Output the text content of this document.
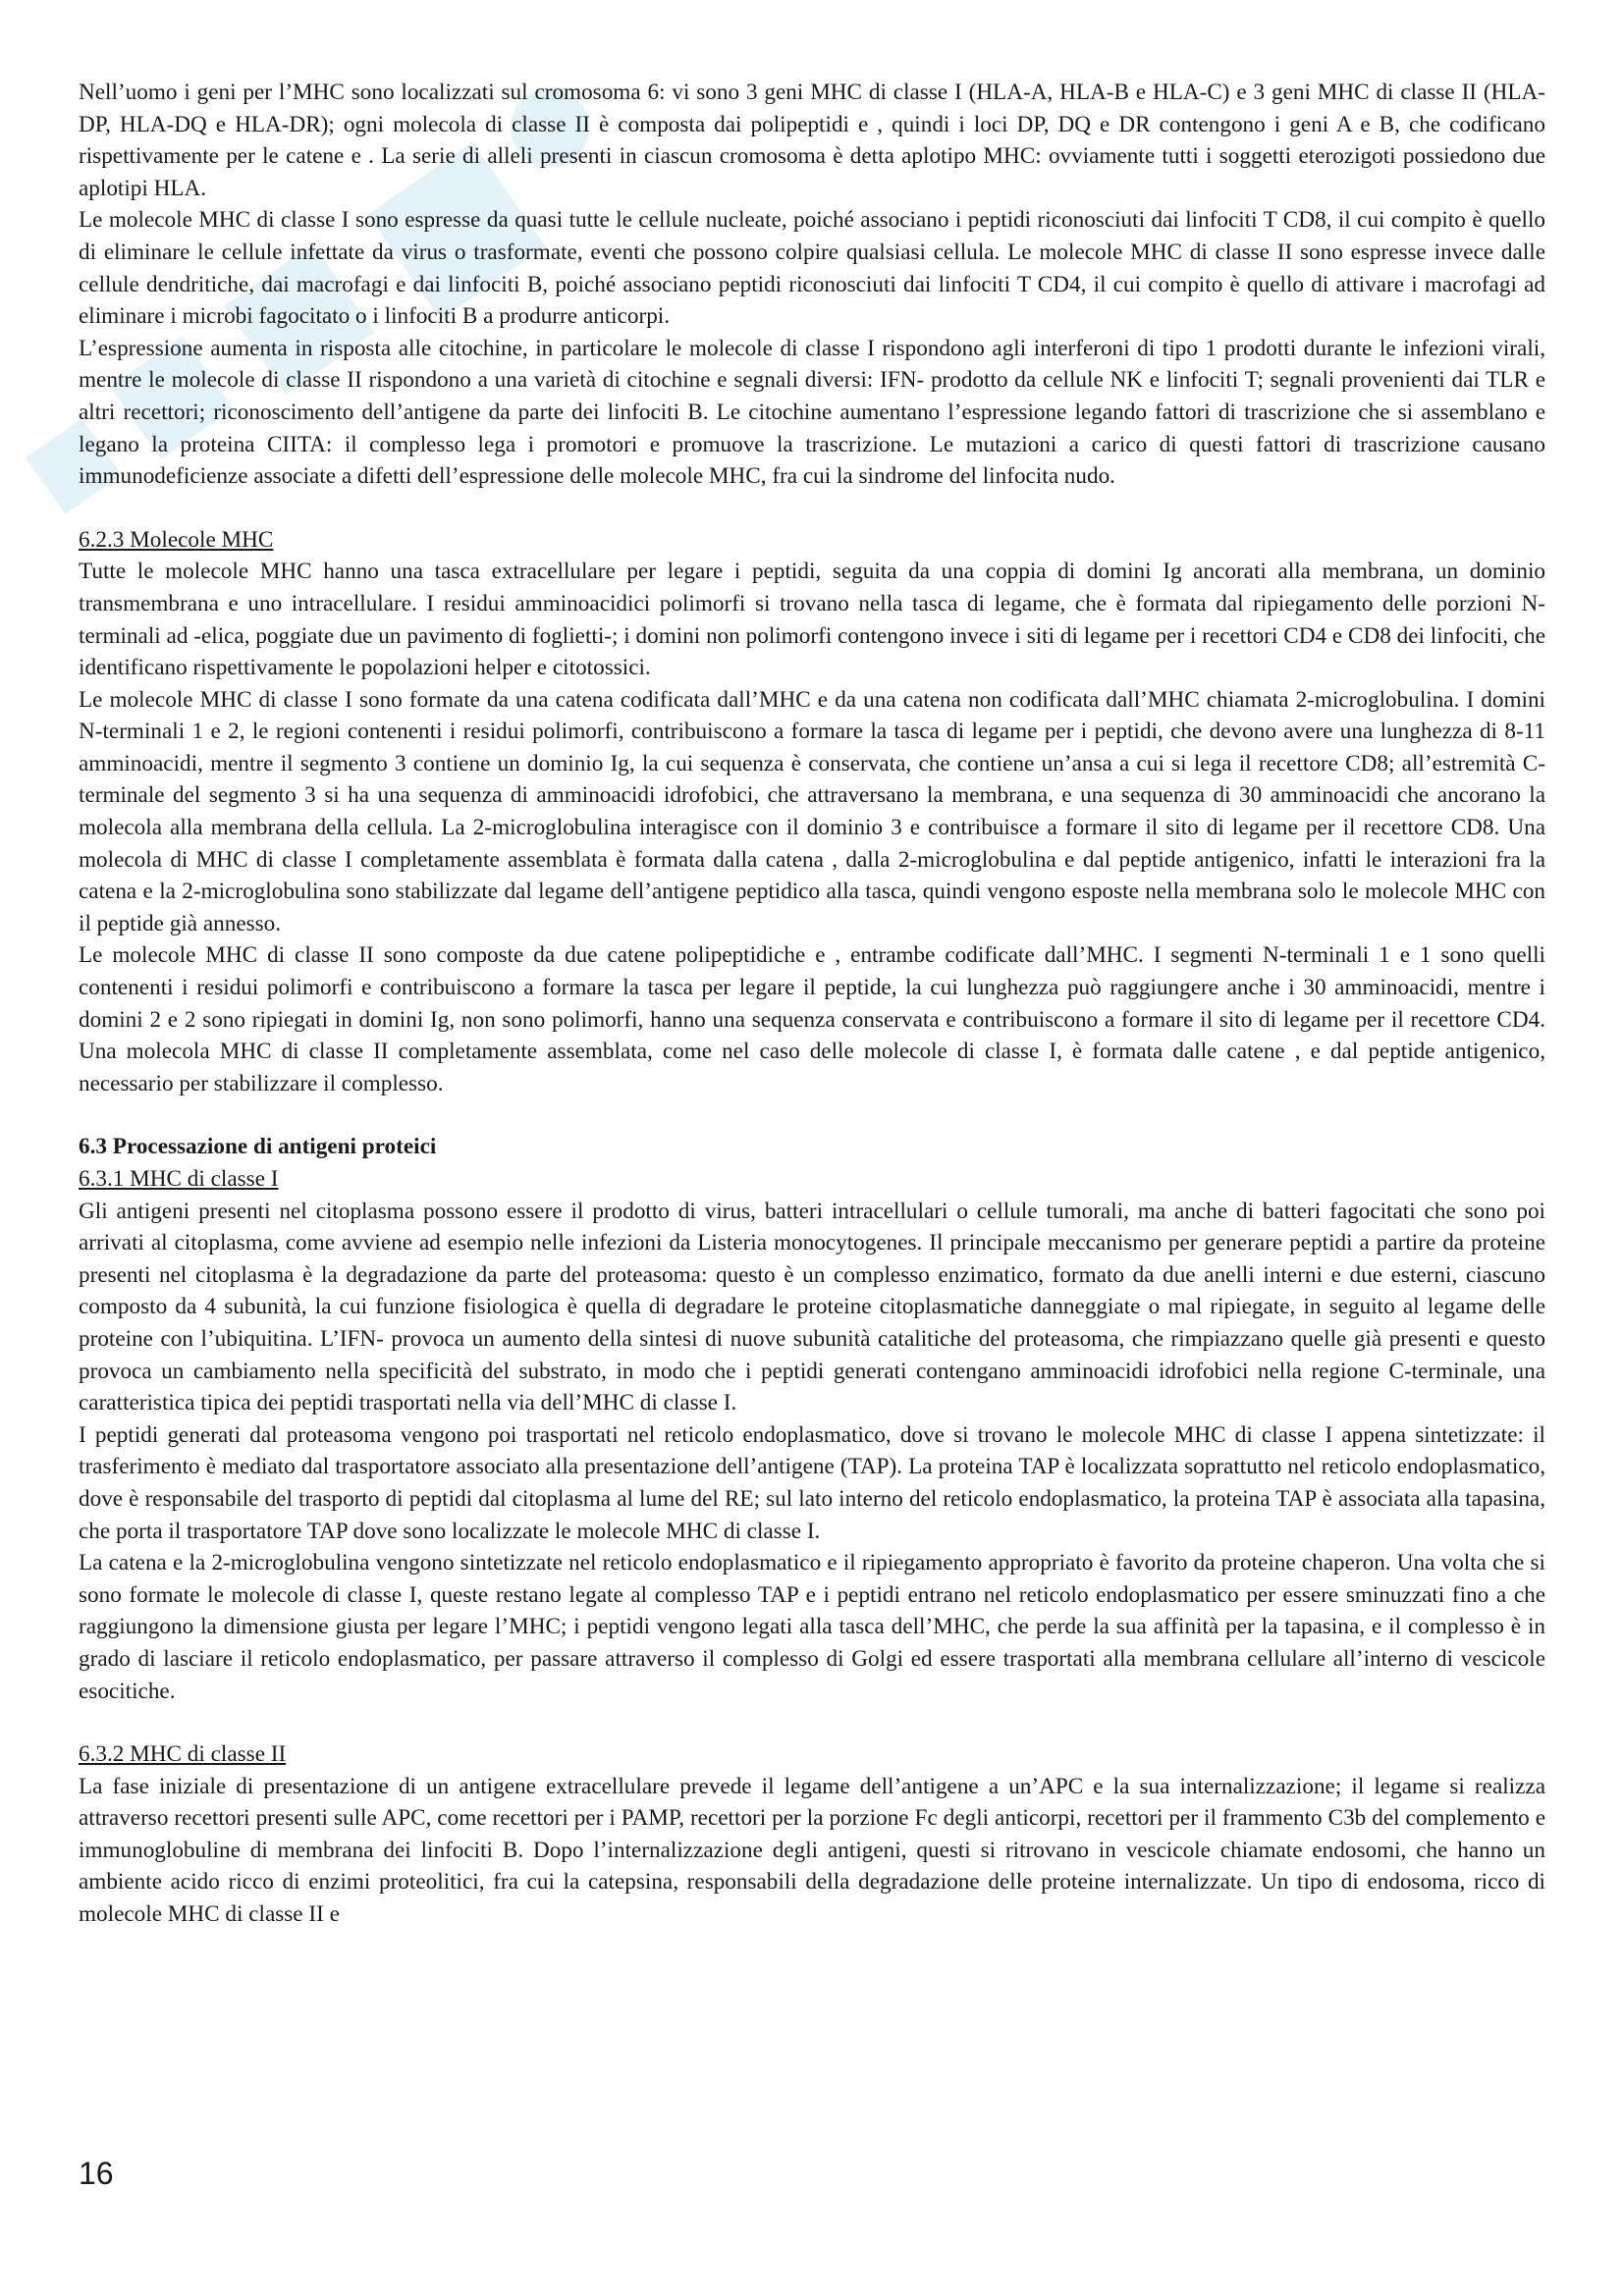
Nell’uomo i geni per l’MHC sono localizzati sul cromosoma 6: vi sono 3 geni MHC di classe I (HLA-A, HLA-B e HLA-C) e 3 geni MHC di classe II (HLA-DP, HLA-DQ e HLA-DR); ogni molecola di classe II è composta dai polipeptidi e , quindi i loci DP, DQ e DR contengono i geni A e B, che codificano rispettivamente per le catene e . La serie di alleli presenti in ciascun cromosoma è detta aplotipo MHC: ovviamente tutti i soggetti eterozigoti possiedono due aplotipi HLA.

Le molecole MHC di classe I sono espresse da quasi tutte le cellule nucleate, poiché associano i peptidi riconosciuti dai linfociti T CD8, il cui compito è quello di eliminare le cellule infettate da virus o trasformate, eventi che possono colpire qualsiasi cellula. Le molecole MHC di classe II sono espresse invece dalle cellule dendritiche, dai macrofagi e dai linfociti B, poiché associano peptidi riconosciuti dai linfociti T CD4, il cui compito è quello di attivare i macrofagi ad eliminare i microbi fagocitato o i linfociti B a produrre anticorpi.

L’espressione aumenta in risposta alle citochine, in particolare le molecole di classe I rispondono agli interferoni di tipo 1 prodotti durante le infezioni virali, mentre le molecole di classe II rispondono a una varietà di citochine e segnali diversi: IFN- prodotto da cellule NK e linfociti T; segnali provenienti dai TLR e altri recettori; riconoscimento dell’antigene da parte dei linfociti B. Le citochine aumentano l’espressione legando fattori di trascrizione che si assemblano e legano la proteina CIITA: il complesso lega i promotori e promuove la trascrizione. Le mutazioni a carico di questi fattori di trascrizione causano immunodeficienze associate a difetti dell’espressione delle molecole MHC, fra cui la sindrome del linfocita nudo.

6.2.3 Molecole MHC

Tutte le molecole MHC hanno una tasca extracellulare per legare i peptidi, seguita da una coppia di domini Ig ancorati alla membrana, un dominio transmembrana e uno intracellulare. I residui amminoacidici polimorfi si trovano nella tasca di legame, che è formata dal ripiegamento delle porzioni N-terminali ad -elica, poggiate due un pavimento di foglietti-; i domini non polimorfi contengono invece i siti di legame per i recettori CD4 e CD8 dei linfociti, che identificano rispettivamente le popolazioni helper e citotossici.

Le molecole MHC di classe I sono formate da una catena codificata dall’MHC e da una catena non codificata dall’MHC chiamata 2-microglobulina. I domini N-terminali 1 e 2, le regioni contenenti i residui polimorfi, contribuiscono a formare la tasca di legame per i peptidi, che devono avere una lunghezza di 8-11 amminoacidi, mentre il segmento 3 contiene un dominio Ig, la cui sequenza è conservata, che contiene un’ansa a cui si lega il recettore CD8; all’estremità C-terminale del segmento 3 si ha una sequenza di amminoacidi idrofobici, che attraversano la membrana, e una sequenza di 30 amminoacidi che ancorano la molecola alla membrana della cellula. La 2-microglobulina interagisce con il dominio 3 e contribuisce a formare il sito di legame per il recettore CD8. Una molecola di MHC di classe I completamente assemblata è formata dalla catena , dalla 2-microglobulina e dal peptide antigenico, infatti le interazioni fra la catena e la 2-microglobulina sono stabilizzate dal legame dell’antigene peptidico alla tasca, quindi vengono esposte nella membrana solo le molecole MHC con il peptide già annesso.

Le molecole MHC di classe II sono composte da due catene polipeptidiche e , entrambe codificate dall’MHC. I segmenti N-terminali 1 e 1 sono quelli contenenti i residui polimorfi e contribuiscono a formare la tasca per legare il peptide, la cui lunghezza può raggiungere anche i 30 amminoacidi, mentre i domini 2 e 2 sono ripiegati in domini Ig, non sono polimorfi, hanno una sequenza conservata e contribuiscono a formare il sito di legame per il recettore CD4. Una molecola MHC di classe II completamente assemblata, come nel caso delle molecole di classe I, è formata dalle catene , e dal peptide antigenico, necessario per stabilizzare il complesso.

6.3 Processazione di antigeni proteici

6.3.1 MHC di classe I

Gli antigeni presenti nel citoplasma possono essere il prodotto di virus, batteri intracellulari o cellule tumorali, ma anche di batteri fagocitati che sono poi arrivati al citoplasma, come avviene ad esempio nelle infezioni da Listeria monocytogenes. Il principale meccanismo per generare peptidi a partire da proteine presenti nel citoplasma è la degradazione da parte del proteasoma: questo è un complesso enzimatico, formato da due anelli interni e due esterni, ciascuno composto da 4 subunità, la cui funzione fisiologica è quella di degradare le proteine citoplasmatiche danneggiate o mal ripiegate, in seguito al legame delle proteine con l’ubiquitina. L’IFN- provoca un aumento della sintesi di nuove subunità catalitiche del proteasoma, che rimpiazzano quelle già presenti e questo provoca un cambiamento nella specificità del substrato, in modo che i peptidi generati contengano amminoacidi idrofobici nella regione C-terminale, una caratteristica tipica dei peptidi trasportati nella via dell’MHC di classe I.

I peptidi generati dal proteasoma vengono poi trasportati nel reticolo endoplasmatico, dove si trovano le molecole MHC di classe I appena sintetizzate: il trasferimento è mediato dal trasportatore associato alla presentazione dell’antigene (TAP). La proteina TAP è localizzata soprattutto nel reticolo endoplasmatico, dove è responsabile del trasporto di peptidi dal citoplasma al lume del RE; sul lato interno del reticolo endoplasmatico, la proteina TAP è associata alla tapasina, che porta il trasportatore TAP dove sono localizzate le molecole MHC di classe I.

La catena e la 2-microglobulina vengono sintetizzate nel reticolo endoplasmatico e il ripiegamento appropriato è favorito da proteine chaperon. Una volta che si sono formate le molecole di classe I, queste restano legate al complesso TAP e i peptidi entrano nel reticolo endoplasmatico per essere sminuzzati fino a che raggiungono la dimensione giusta per legare l’MHC; i peptidi vengono legati alla tasca dell’MHC, che perde la sua affinità per la tapasina, e il complesso è in grado di lasciare il reticolo endoplasmatico, per passare attraverso il complesso di Golgi ed essere trasportati alla membrana cellulare all’interno di vescicole esocitiche.

6.3.2 MHC di classe II

La fase iniziale di presentazione di un antigene extracellulare prevede il legame dell’antigene a un’APC e la sua internalizzazione; il legame si realizza attraverso recettori presenti sulle APC, come recettori per i PAMP, recettori per la porzione Fc degli anticorpi, recettori per il frammento C3b del complemento e immunoglobuline di membrana dei linfociti B. Dopo l’internalizzazione degli antigeni, questi si ritrovano in vescicole chiamate endosomi, che hanno un ambiente acido ricco di enzimi proteolitici, fra cui la catepsina, responsabili della degradazione delle proteine internalizzate. Un tipo di endosoma, ricco di molecole MHC di classe II e

16
